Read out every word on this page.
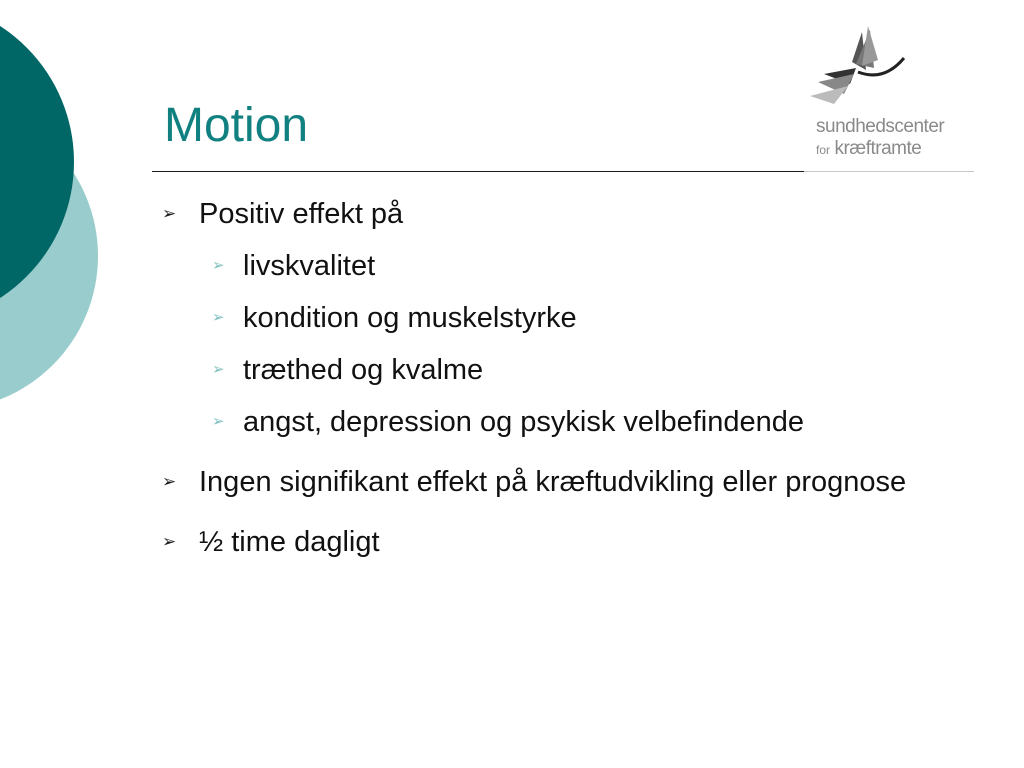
Motion	sundhedscenter
for kræftramte
➢ Positiv effekt på
➢ livskvalitet
➢ kondition og muskelstyrke
➢ træthed og kvalme
➢ angst, depression og psykisk velbefindende
➢ Ingen signifikant effekt på kræftudvikling eller prognose
➢ ½ time dagligt
